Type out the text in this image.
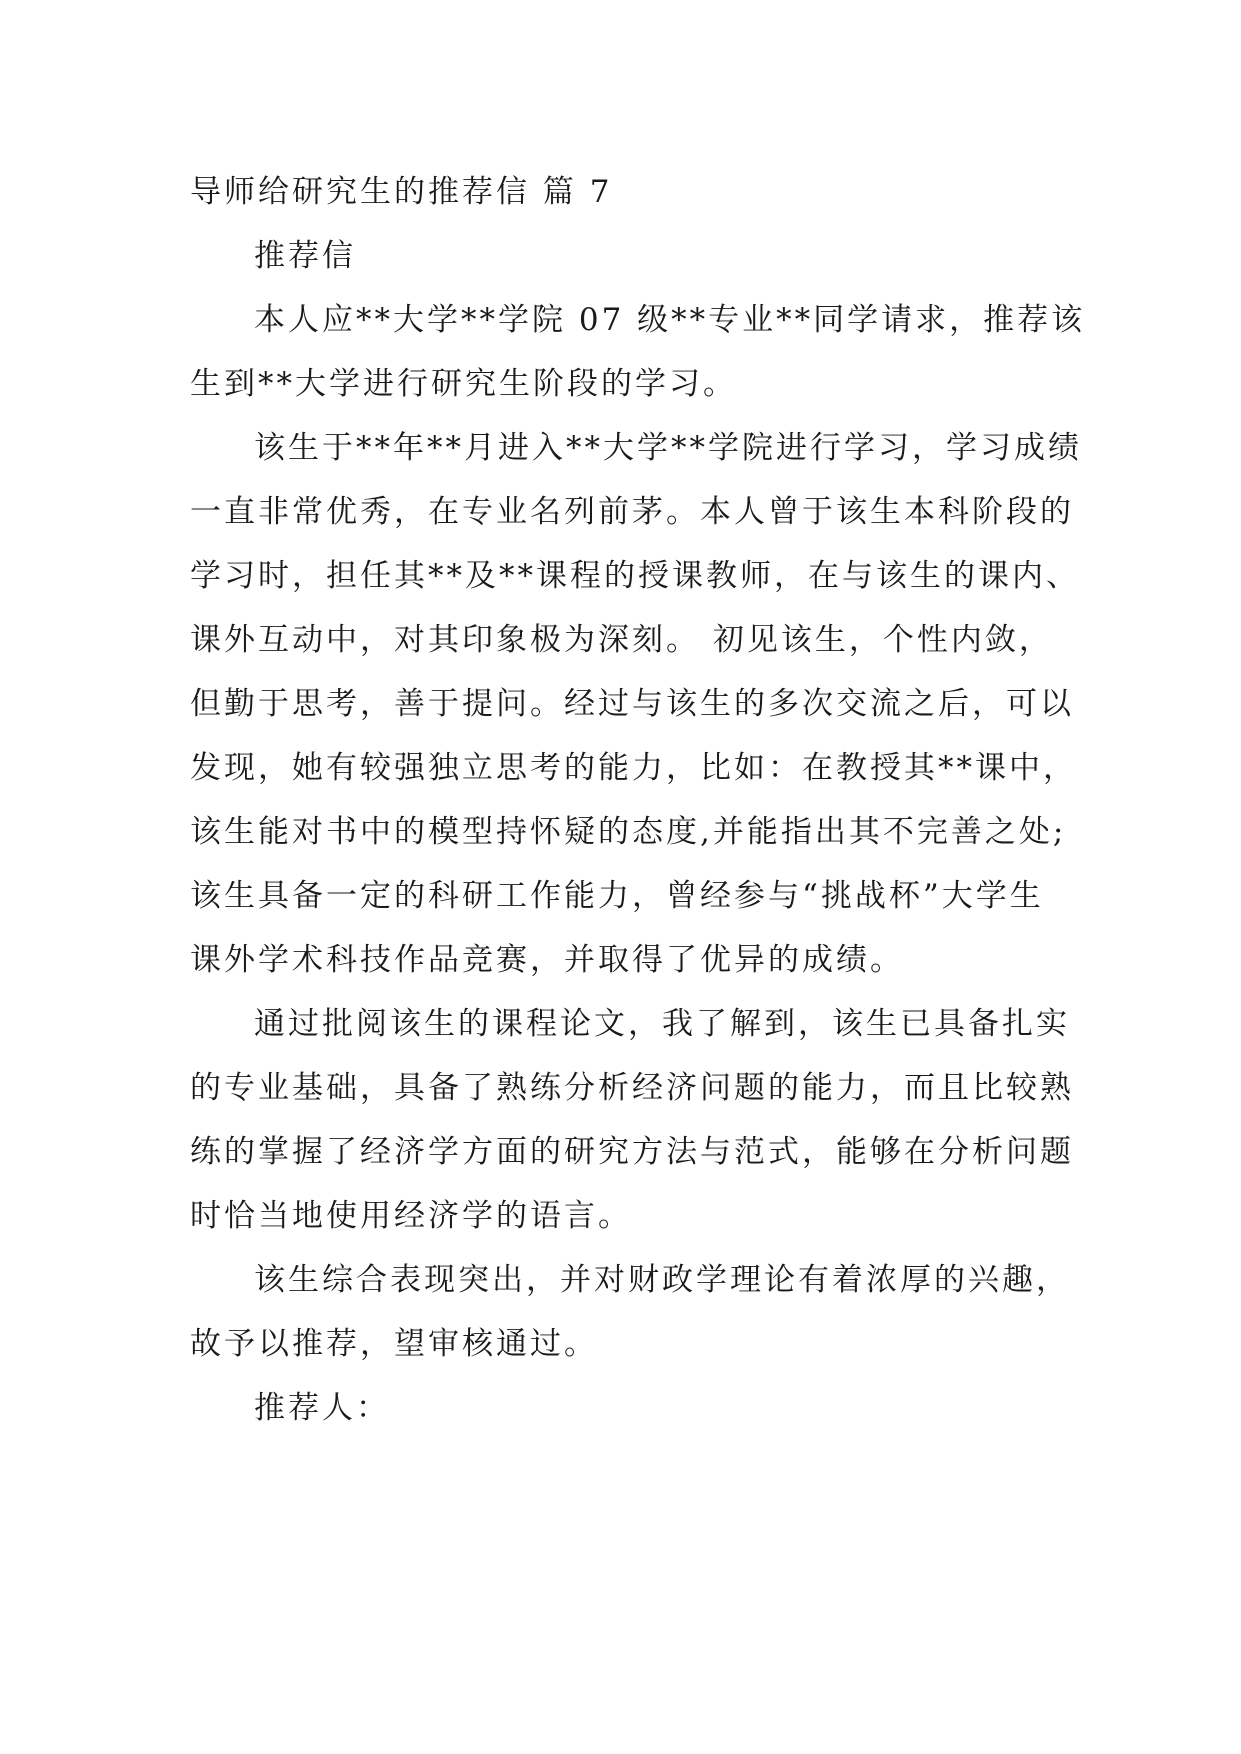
导师给研究生的推荐信 篇 7
推荐信
本人应**大学**学院 07 级**专业**同学请求，推荐该
生到**大学进行研究生阶段的学习。
该生于**年**月进入**大学**学院进行学习，学习成绩
一直非常优秀，在专业名列前茅。本人曾于该生本科阶段的
学习时，担任其**及**课程的授课教师，在与该生的课内、
课外互动中，对其印象极为深刻。 初见该生，个性内敛，
但勤于思考，善于提问。经过与该生的多次交流之后，可以
发现，她有较强独立思考的能力，比如：在教授其**课中，
该生能对书中的模型持怀疑的态度,并能指出其不完善之处;
该生具备一定的科研工作能力，曾经参与“挑战杯”大学生
课外学术科技作品竞赛，并取得了优异的成绩。
通过批阅该生的课程论文，我了解到，该生已具备扎实
的专业基础，具备了熟练分析经济问题的能力，而且比较熟
练的掌握了经济学方面的研究方法与范式，能够在分析问题
时恰当地使用经济学的语言。
该生综合表现突出，并对财政学理论有着浓厚的兴趣，
故予以推荐，望审核通过。
推荐人：
